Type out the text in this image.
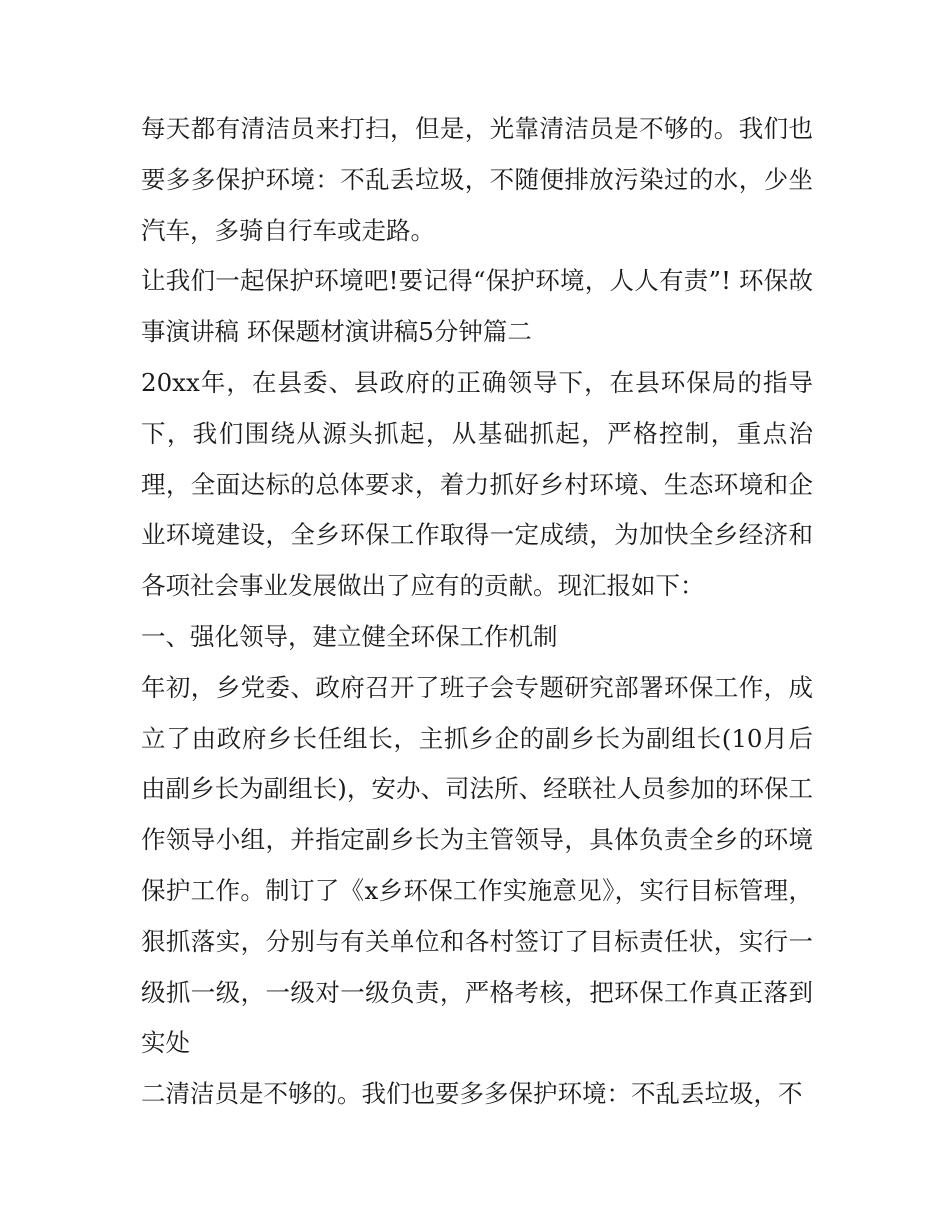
每天都有清洁员来打扫，但是，光靠清洁员是不够的。我们也要多多保护环境：不乱丢垃圾，不随便排放污染过的水，少坐汽车，多骑自行车或走路。

让我们一起保护环境吧!要记得“保护环境，人人有责”! 环保故事演讲稿 环保题材演讲稿5分钟篇二

20xx年，在县委、县政府的正确领导下，在县环保局的指导下，我们围绕从源头抓起，从基础抓起，严格控制，重点治理，全面达标的总体要求，着力抓好乡村环境、生态环境和企业环境建设，全乡环保工作取得一定成绩，为加快全乡经济和各项社会事业发展做出了应有的贡献。现汇报如下：

一、强化领导，建立健全环保工作机制

年初，乡党委、政府召开了班子会专题研究部署环保工作，成立了由政府乡长任组长，主抓乡企的副乡长为副组长(10月后由副乡长为副组长)，安办、司法所、经联社人员参加的环保工作领导小组，并指定副乡长为主管领导，具体负责全乡的环境保护工作。制订了《x乡环保工作实施意见》，实行目标管理，狠抓落实，分别与有关单位和各村签订了目标责任状，实行一级抓一级，一级对一级负责，严格考核，把环保工作真正落到实处

二清洁员是不够的。我们也要多多保护环境：不乱丢垃圾，不
